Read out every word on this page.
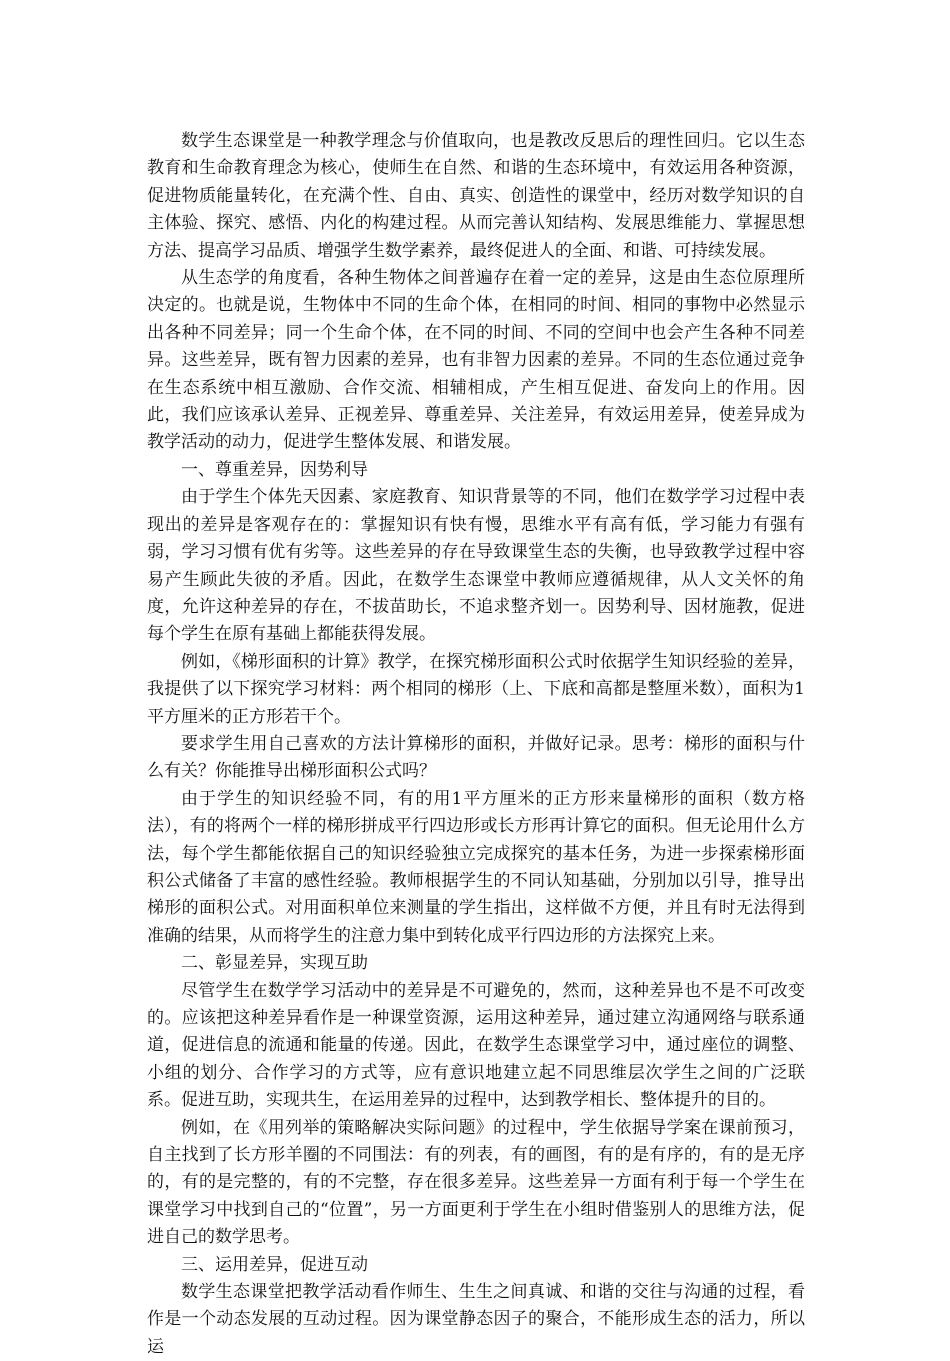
数学生态课堂是一种教学理念与价值取向，也是教改反思后的理性回归。它以生态教育和生命教育理念为核心，使师生在自然、和谐的生态环境中，有效运用各种资源，促进物质能量转化，在充满个性、自由、真实、创造性的课堂中，经历对数学知识的自主体验、探究、感悟、内化的构建过程。从而完善认知结构、发展思维能力、掌握思想方法、提高学习品质、增强学生数学素养，最终促进人的全面、和谐、可持续发展。

从生态学的角度看，各种生物体之间普遍存在着一定的差异，这是由生态位原理所决定的。也就是说，生物体中不同的生命个体，在相同的时间、相同的事物中必然显示出各种不同差异；同一个生命个体，在不同的时间、不同的空间中也会产生各种不同差异。这些差异，既有智力因素的差异，也有非智力因素的差异。不同的生态位通过竞争在生态系统中相互激励、合作交流、相辅相成，产生相互促进、奋发向上的作用。因此，我们应该承认差异、正视差异、尊重差异、关注差异，有效运用差异，使差异成为教学活动的动力，促进学生整体发展、和谐发展。

一、尊重差异，因势利导

由于学生个体先天因素、家庭教育、知识背景等的不同，他们在数学学习过程中表现出的差异是客观存在的：掌握知识有快有慢，思维水平有高有低，学习能力有强有弱，学习习惯有优有劣等。这些差异的存在导致课堂生态的失衡，也导致教学过程中容易产生顾此失彼的矛盾。因此，在数学生态课堂中教师应遵循规律，从人文关怀的角度，允许这种差异的存在，不拔苗助长，不追求整齐划一。因势利导、因材施教，促进每个学生在原有基础上都能获得发展。

例如，《梯形面积的计算》教学，在探究梯形面积公式时依据学生知识经验的差异，我提供了以下探究学习材料：两个相同的梯形（上、下底和高都是整厘米数），面积为1平方厘米的正方形若干个。

要求学生用自己喜欢的方法计算梯形的面积，并做好记录。思考：梯形的面积与什么有关？你能推导出梯形面积公式吗？

由于学生的知识经验不同，有的用1平方厘米的正方形来量梯形的面积（数方格法），有的将两个一样的梯形拼成平行四边形或长方形再计算它的面积。但无论用什么方法，每个学生都能依据自己的知识经验独立完成探究的基本任务，为进一步探索梯形面积公式储备了丰富的感性经验。教师根据学生的不同认知基础，分别加以引导，推导出梯形的面积公式。对用面积单位来测量的学生指出，这样做不方便，并且有时无法得到准确的结果，从而将学生的注意力集中到转化成平行四边形的方法探究上来。

二、彰显差异，实现互助

尽管学生在数学学习活动中的差异是不可避免的，然而，这种差异也不是不可改变的。应该把这种差异看作是一种课堂资源，运用这种差异，通过建立沟通网络与联系通道，促进信息的流通和能量的传递。因此，在数学生态课堂学习中，通过座位的调整、小组的划分、合作学习的方式等，应有意识地建立起不同思维层次学生之间的广泛联系。促进互助，实现共生，在运用差异的过程中，达到教学相长、整体提升的目的。

例如，在《用列举的策略解决实际问题》的过程中，学生依据导学案在课前预习，自主找到了长方形羊圈的不同围法：有的列表，有的画图，有的是有序的，有的是无序的，有的是完整的，有的不完整，存在很多差异。这些差异一方面有利于每一个学生在课堂学习中找到自己的“位置”，另一方面更利于学生在小组时借鉴别人的思维方法，促进自己的数学思考。

三、运用差异，促进互动

数学生态课堂把教学活动看作师生、生生之间真诚、和谐的交往与沟通的过程，看作是一个动态发展的互动过程。因为课堂静态因子的聚合，不能形成生态的活力，所以运
